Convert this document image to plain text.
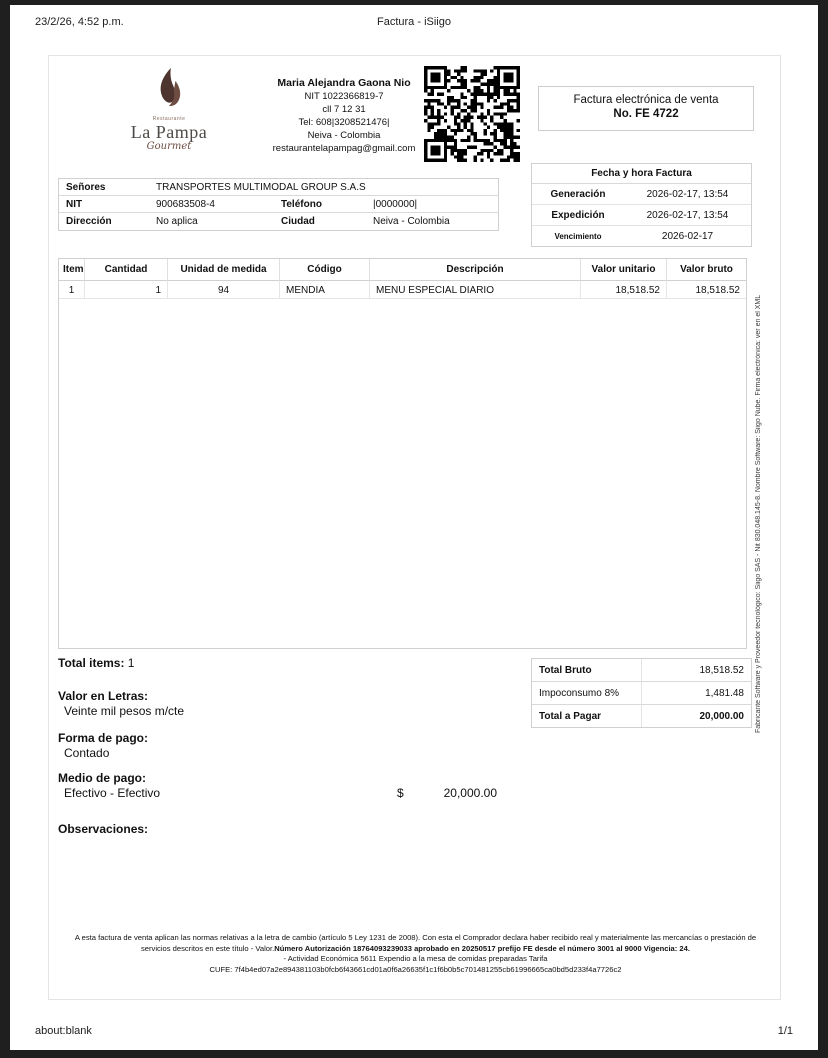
23/2/26, 4:52 p.m.	Factura - iSiigo
Restaurante
La Pampa
Gourmet
Maria Alejandra Gaona Nio
NIT 1022366819-7
cll 7 12 31
Tel: 608|3208521476|
Neiva - Colombia
restaurantelapampag@gmail.com
Factura electrónica de venta
No. FE 4722
Señores	TRANSPORTES MULTIMODAL GROUP S.A.S
NIT	900683508-4	Teléfono	|0000000|
Dirección	No aplica	Ciudad	Neiva - Colombia
Fecha y hora Factura
Generación	2026-02-17, 13:54
Expedición	2026-02-17, 13:54
Vencimiento	2026-02-17
Item	Cantidad	Unidad de medida	Código	Descripción	Valor unitario	Valor bruto
1	1	94	MENDIA	MENU ESPECIAL DIARIO	18,518.52	18,518.52
Fabricante Software y Proveedor tecnológico: Siigo SAS - Nit 830.048.145-8. Nombre Software: Siigo Nube. Firma electrónica: ver en el XML
Total items: 1
Valor en Letras:
Veinte mil pesos m/cte
Forma de pago:
Contado
Medio de pago:
Efectivo - Efectivo	$	20,000.00
Observaciones:
Total Bruto	18,518.52
Impoconsumo 8%	1,481.48
Total a Pagar	20,000.00
A esta factura de venta aplican las normas relativas a la letra de cambio (artículo 5 Ley 1231 de 2008). Con esta el Comprador declara haber recibido real y materialmente las mercancías o prestación de servicios descritos en este título - Valor.Número Autorización 18764093239033 aprobado en 20250517 prefijo FE desde el número 3001 al 9000 Vigencia: 24.
- Actividad Económica 5611 Expendio a la mesa de comidas preparadas Tarifa
CUFE: 7f4b4ed07a2e894381103b0fcb6f43661cd01a0f6a26635f1c1f6b0b5c701481255cb61996665ca0bd5d233f4a7726c2
about:blank	1/1
